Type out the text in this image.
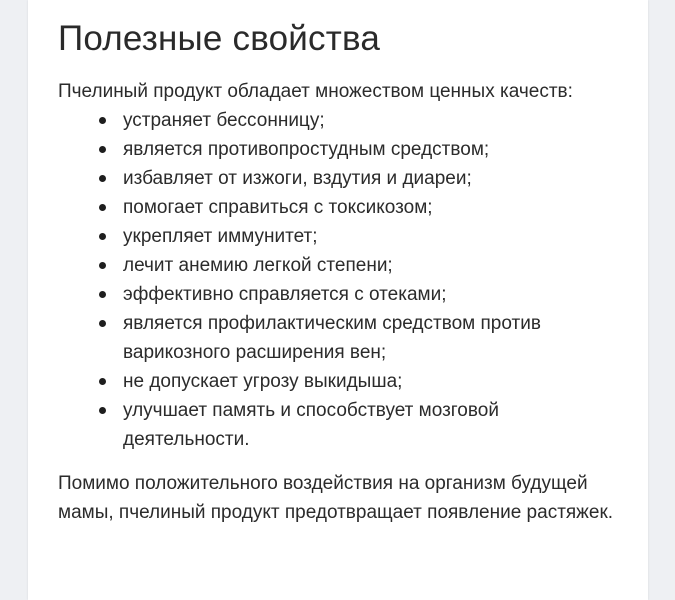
Полезные свойства

Пчелиный продукт обладает множеством ценных качеств:

устраняет бессонницу;
является противопростудным средством;
избавляет от изжоги, вздутия и диареи;
помогает справиться с токсикозом;
укрепляет иммунитет;
лечит анемию легкой степени;
эффективно справляется с отеками;
является профилактическим средством против варикозного расширения вен;
не допускает угрозу выкидыша;
улучшает память и способствует мозговой деятельности.

Помимо положительного воздействия на организм будущей мамы, пчелиный продукт предотвращает появление растяжек.
